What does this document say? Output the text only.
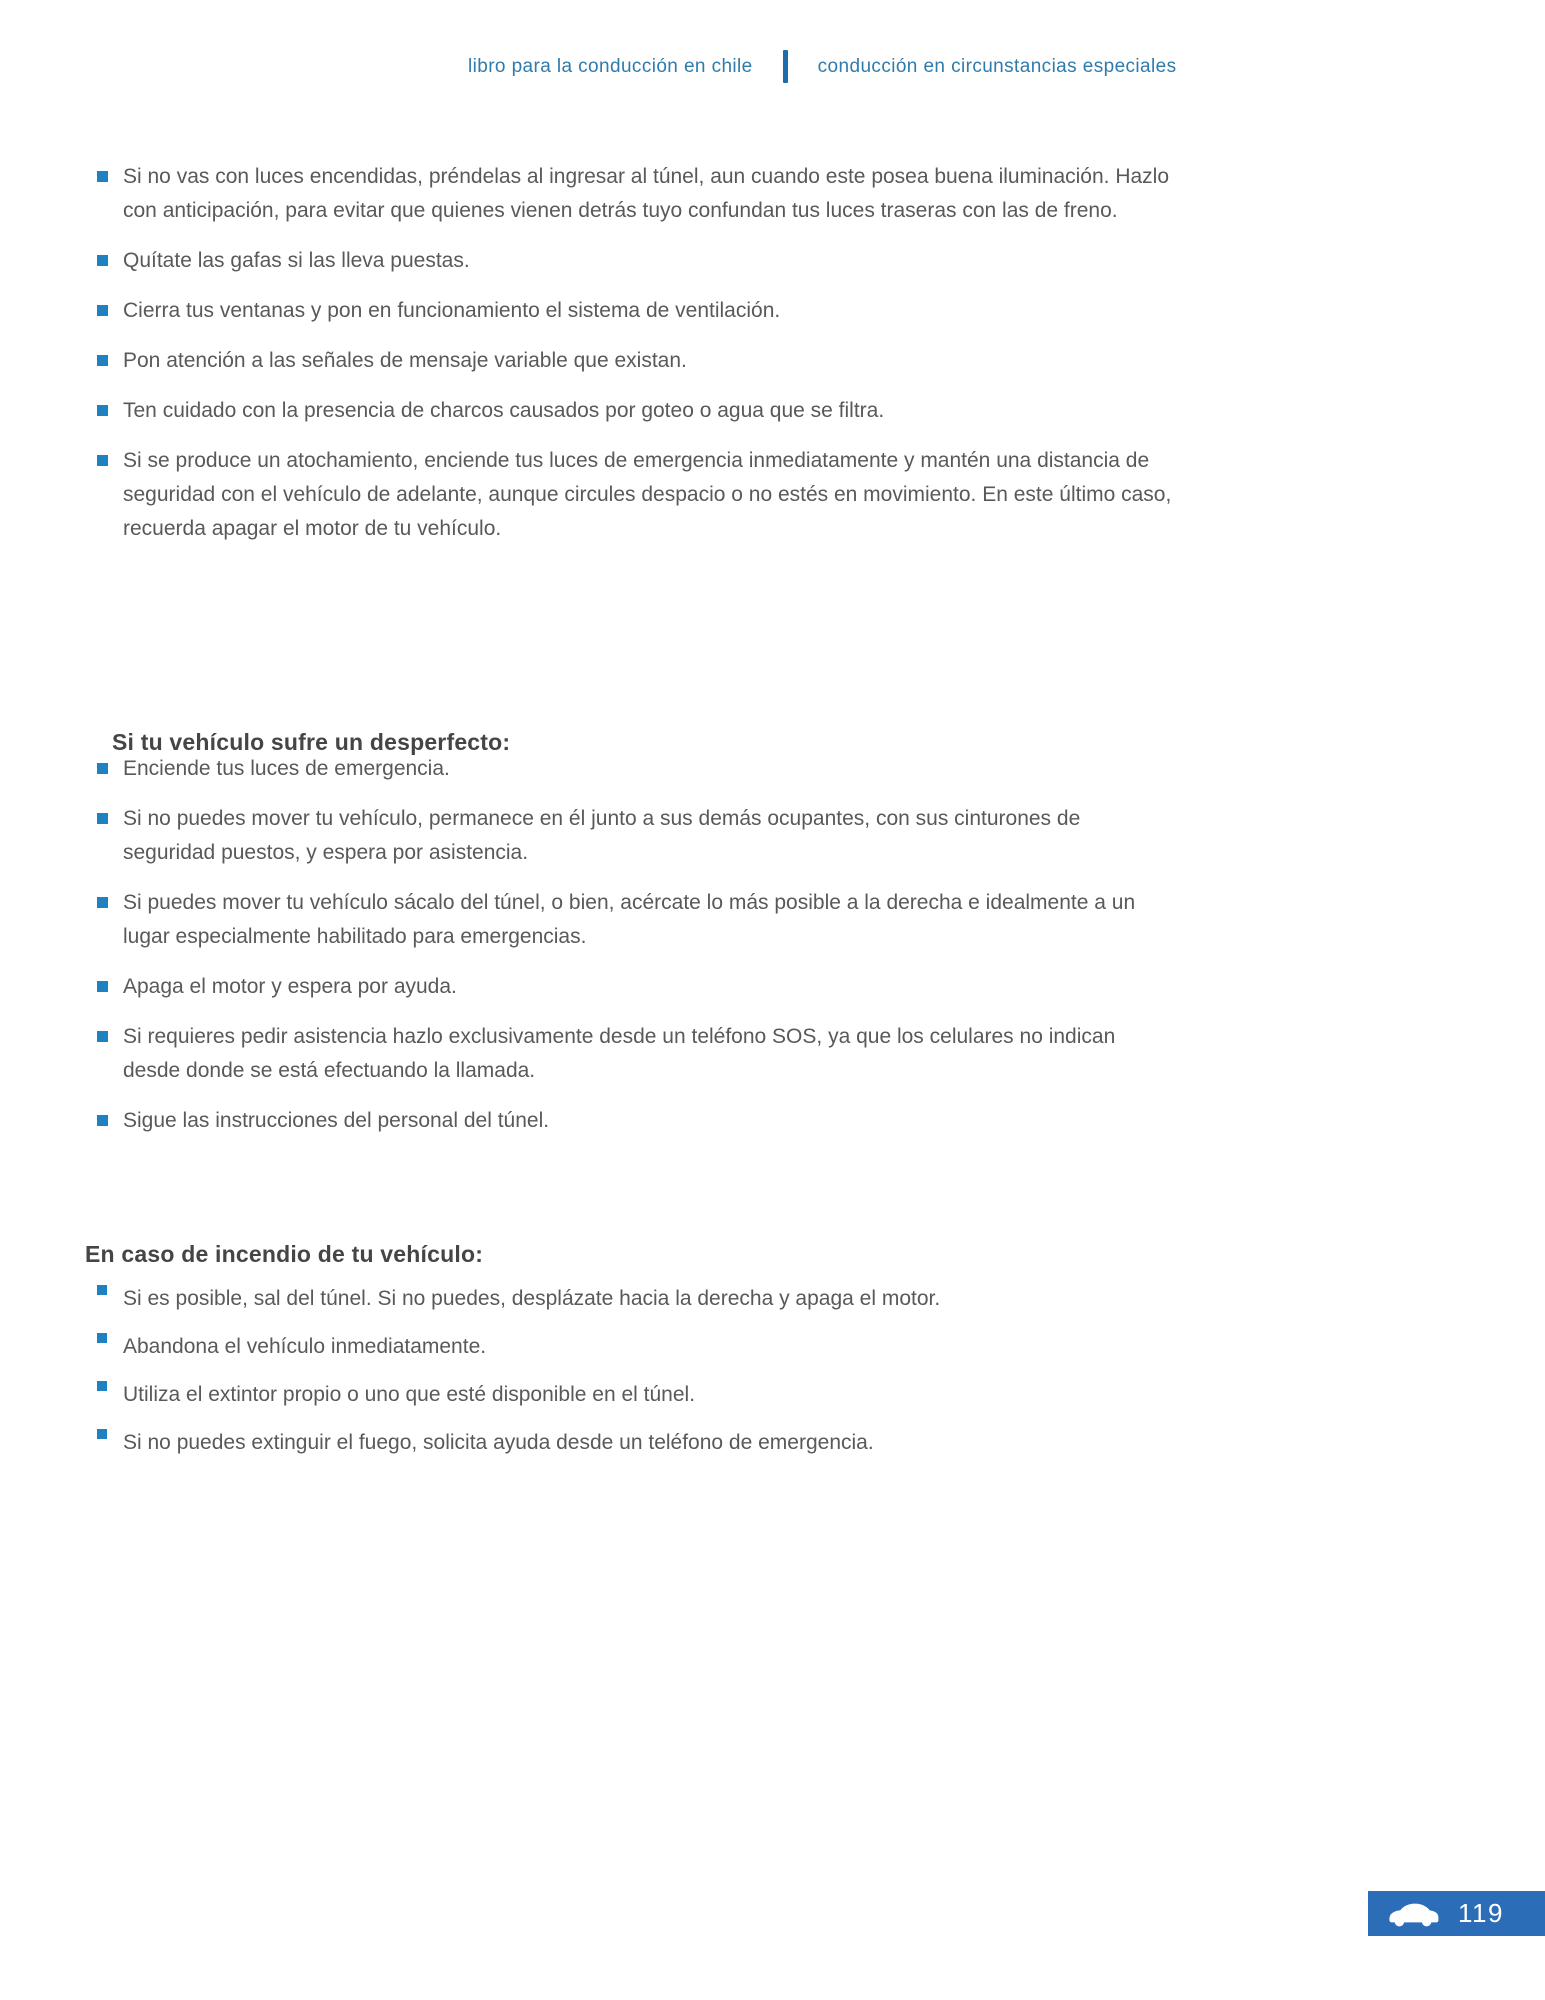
libro para la conducción en chile	conducción en circunstancias especiales
Si no vas con luces encendidas, préndelas al ingresar al túnel, aun cuando este posea buena iluminación. Hazlo con anticipación, para evitar que quienes vienen detrás tuyo confundan tus luces traseras con las de freno.
Quítate las gafas si las lleva puestas.
Cierra tus ventanas y pon en funcionamiento el sistema de ventilación.
Pon atención a las señales de mensaje variable que existan.
Ten cuidado con la presencia de charcos causados por goteo o agua que se filtra.
Si se produce un atochamiento, enciende tus luces de emergencia inmediatamente y mantén una distancia de seguridad con el vehículo de adelante, aunque circules despacio o no estés en movimiento. En este último caso, recuerda apagar el motor de tu vehículo.
Si tu vehículo sufre un desperfecto:
Enciende tus luces de emergencia.
Si no puedes mover tu vehículo, permanece en él junto a sus demás ocupantes, con sus cinturones de seguridad puestos, y espera por asistencia.
Si puedes mover tu vehículo sácalo del túnel, o bien, acércate lo más posible a la derecha e idealmente a un lugar especialmente habilitado para emergencias.
Apaga el motor y espera por ayuda.
Si requieres pedir asistencia hazlo exclusivamente desde un teléfono SOS, ya que los celulares no indican desde donde se está efectuando la llamada.
Sigue las instrucciones del personal del túnel.
En caso de incendio de tu vehículo:
Si es posible, sal del túnel. Si no puedes, desplázate hacia la derecha y apaga el motor.
Abandona el vehículo inmediatamente.
Utiliza el extintor propio o uno que esté disponible en el túnel.
Si no puedes extinguir el fuego, solicita ayuda desde un teléfono de emergencia.
119
